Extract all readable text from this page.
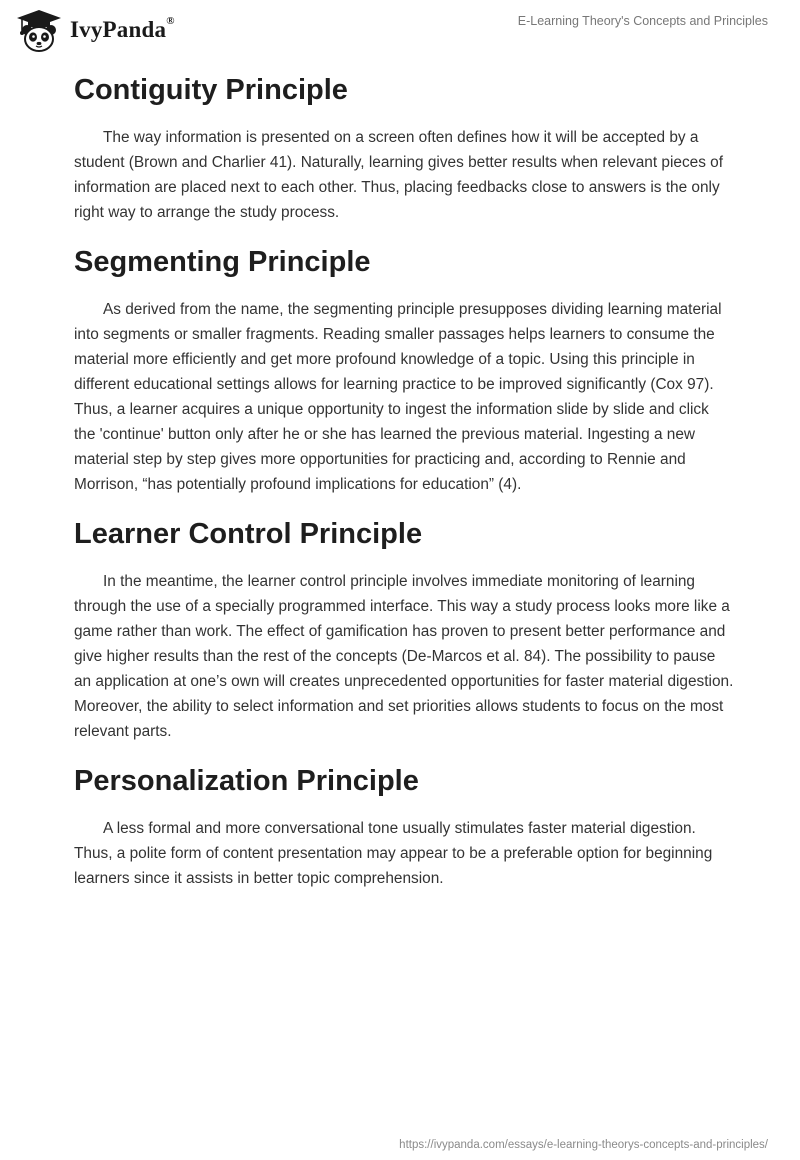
IvyPanda®	E-Learning Theory's Concepts and Principles
Contiguity Principle

The way information is presented on a screen often defines how it will be accepted by a student (Brown and Charlier 41). Naturally, learning gives better results when relevant pieces of information are placed next to each other. Thus, placing feedbacks close to answers is the only right way to arrange the study process.

Segmenting Principle

As derived from the name, the segmenting principle presupposes dividing learning material into segments or smaller fragments. Reading smaller passages helps learners to consume the material more efficiently and get more profound knowledge of a topic. Using this principle in different educational settings allows for learning practice to be improved significantly (Cox 97). Thus, a learner acquires a unique opportunity to ingest the information slide by slide and click the 'continue' button only after he or she has learned the previous material. Ingesting a new material step by step gives more opportunities for practicing and, according to Rennie and Morrison, “has potentially profound implications for education” (4).

Learner Control Principle

In the meantime, the learner control principle involves immediate monitoring of learning through the use of a specially programmed interface. This way a study process looks more like a game rather than work. The effect of gamification has proven to present better performance and give higher results than the rest of the concepts (De-Marcos et al. 84). The possibility to pause an application at one’s own will creates unprecedented opportunities for faster material digestion. Moreover, the ability to select information and set priorities allows students to focus on the most relevant parts.

Personalization Principle

A less formal and more conversational tone usually stimulates faster material digestion. Thus, a polite form of content presentation may appear to be a preferable option for beginning learners since it assists in better topic comprehension.

https://ivypanda.com/essays/e-learning-theorys-concepts-and-principles/
